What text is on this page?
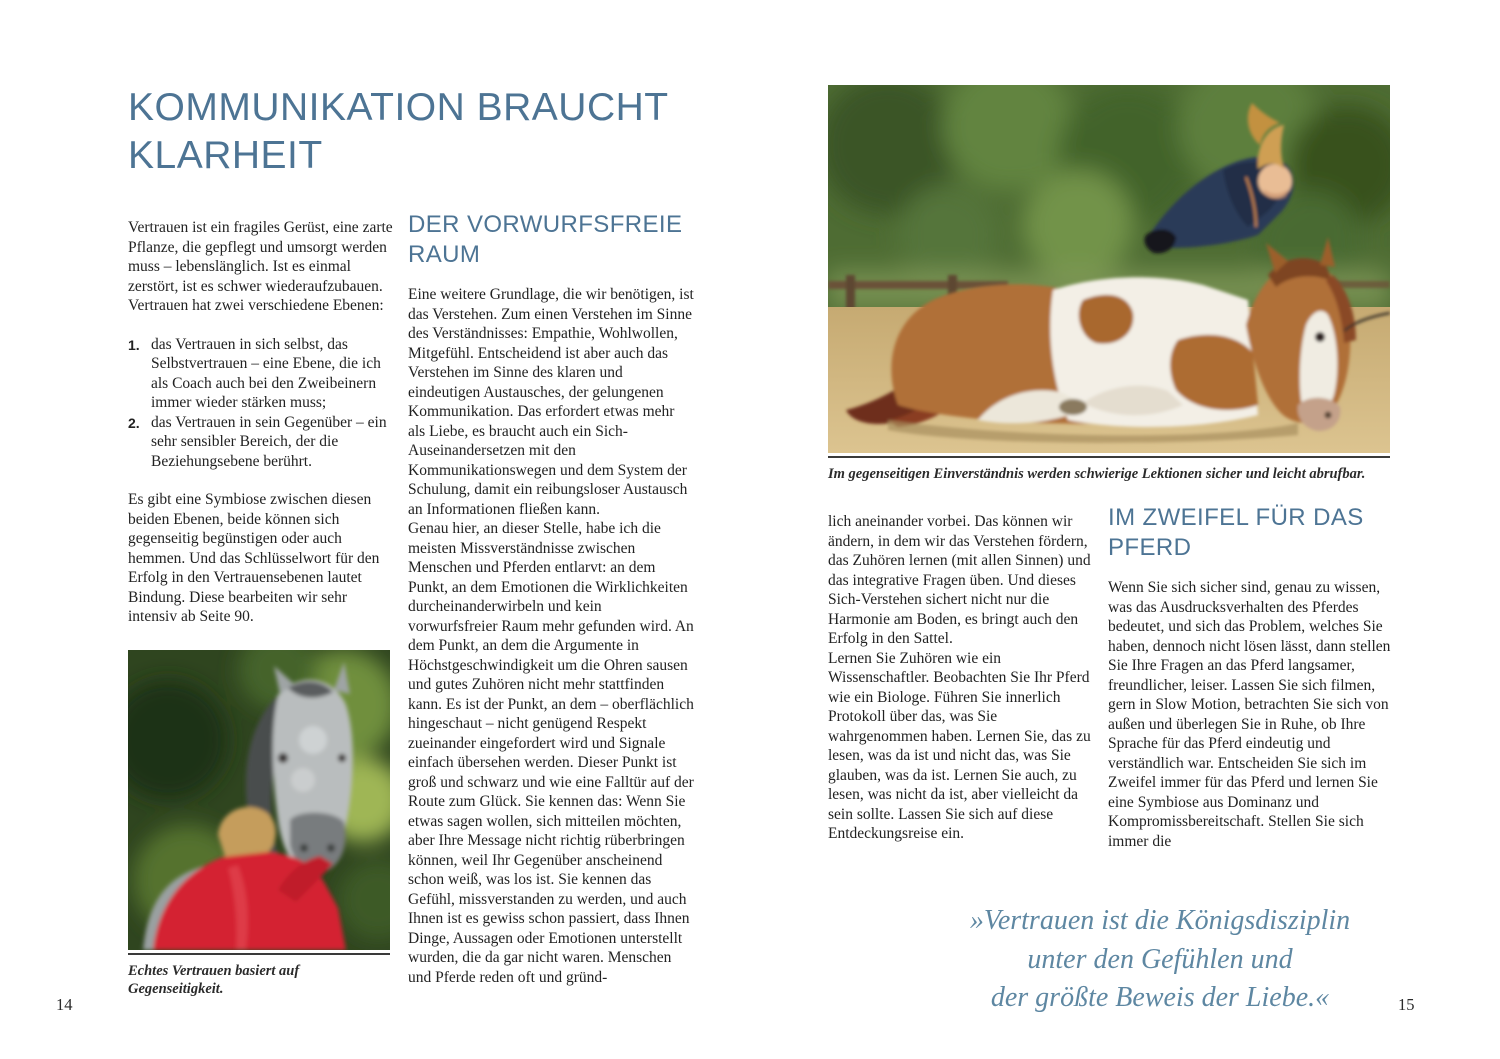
KOMMUNIKATION BRAUCHT KLARHEIT

Vertrauen ist ein fragiles Gerüst, eine zarte Pflanze, die gepflegt und umsorgt werden muss – lebenslänglich. Ist es einmal zerstört, ist es schwer wiederaufzubauen. Vertrauen hat zwei verschiedene Ebenen:

1. das Vertrauen in sich selbst, das Selbstvertrauen – eine Ebene, die ich als Coach auch bei den Zweibeinern immer wieder stärken muss;
2. das Vertrauen in sein Gegenüber – ein sehr sensibler Bereich, der die Beziehungsebene berührt.

Es gibt eine Symbiose zwischen diesen beiden Ebenen, beide können sich gegenseitig begünstigen oder auch hemmen. Und das Schlüsselwort für den Erfolg in den Vertrauensebenen lautet Bindung. Diese bearbeiten wir sehr intensiv ab Seite 90.

Echtes Vertrauen basiert auf Gegenseitigkeit.
DER VORWURFSFREIE RAUM

Eine weitere Grundlage, die wir benötigen, ist das Verstehen. Zum einen Verstehen im Sinne des Verständnisses: Empathie, Wohlwollen, Mitgefühl. Entscheidend ist aber auch das Verstehen im Sinne des klaren und eindeutigen Austausches, der gelungenen Kommunikation. Das erfordert etwas mehr als Liebe, es braucht auch ein Sich-Auseinandersetzen mit den Kommunikationswegen und dem System der Schulung, damit ein reibungsloser Austausch an Informationen fließen kann.

Genau hier, an dieser Stelle, habe ich die meisten Missverständnisse zwischen Menschen und Pferden entlarvt: an dem Punkt, an dem Emotionen die Wirklichkeiten durcheinanderwirbeln und kein vorwurfsfreier Raum mehr gefunden wird. An dem Punkt, an dem die Argumente in Höchstgeschwindigkeit um die Ohren sausen und gutes Zuhören nicht mehr stattfinden kann. Es ist der Punkt, an dem – oberflächlich hingeschaut – nicht genügend Respekt zueinander eingefordert wird und Signale einfach übersehen werden. Dieser Punkt ist groß und schwarz und wie eine Falltür auf der Route zum Glück. Sie kennen das: Wenn Sie etwas sagen wollen, sich mitteilen möchten, aber Ihre Message nicht richtig rüberbringen können, weil Ihr Gegenüber anscheinend schon weiß, was los ist. Sie kennen das Gefühl, missverstanden zu werden, und auch Ihnen ist es gewiss schon passiert, dass Ihnen Dinge, Aussagen oder Emotionen unterstellt wurden, die da gar nicht waren. Menschen und Pferde reden oft und gründ-

14
Im gegenseitigen Einverständnis werden schwierige Lektionen sicher und leicht abrufbar.

lich aneinander vorbei. Das können wir ändern, in dem wir das Verstehen fördern, das Zuhören lernen (mit allen Sinnen) und das integrative Fragen üben. Und dieses Sich-Verstehen sichert nicht nur die Harmonie am Boden, es bringt auch den Erfolg in den Sattel.

Lernen Sie Zuhören wie ein Wissenschaftler. Beobachten Sie Ihr Pferd wie ein Biologe. Führen Sie innerlich Protokoll über das, was Sie wahrgenommen haben. Lernen Sie, das zu lesen, was da ist und nicht das, was Sie glauben, was da ist. Lernen Sie auch, zu lesen, was nicht da ist, aber vielleicht da sein sollte. Lassen Sie sich auf diese Entdeckungsreise ein.

IM ZWEIFEL FÜR DAS PFERD

Wenn Sie sich sicher sind, genau zu wissen, was das Ausdrucksverhalten des Pferdes bedeutet, und sich das Problem, welches Sie haben, dennoch nicht lösen lässt, dann stellen Sie Ihre Fragen an das Pferd langsamer, freundlicher, leiser. Lassen Sie sich filmen, gern in Slow Motion, betrachten Sie sich von außen und überlegen Sie in Ruhe, ob Ihre Sprache für das Pferd eindeutig und verständlich war. Entscheiden Sie sich im Zweifel immer für das Pferd und lernen Sie eine Symbiose aus Dominanz und Kompromissbereitschaft. Stellen Sie sich immer die

»Vertrauen ist die Königsdisziplin
unter den Gefühlen und
der größte Beweis der Liebe.«	15
